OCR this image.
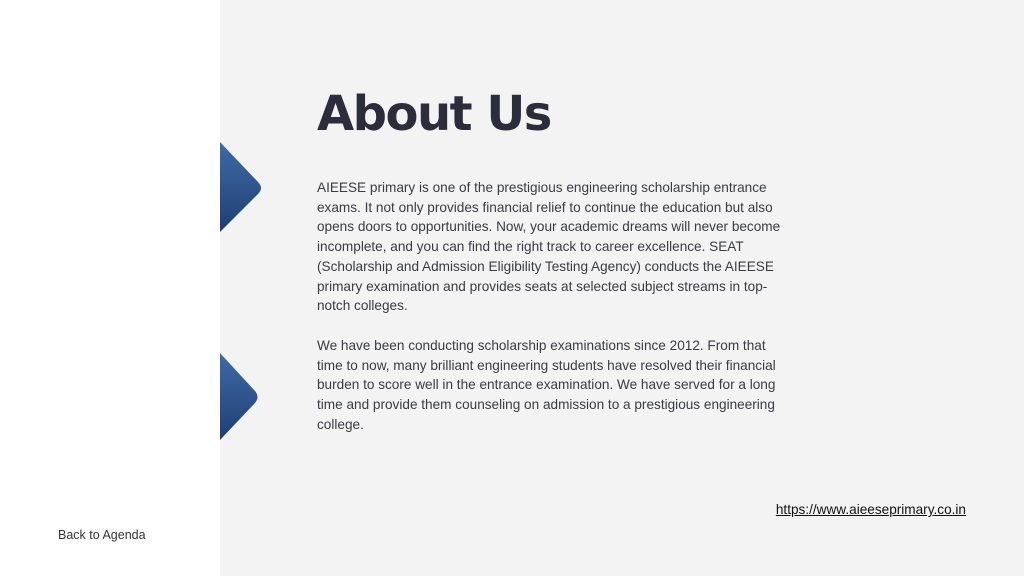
About Us

AIEESE primary is one of the prestigious engineering scholarship entrance
exams. It not only provides financial relief to continue the education but also
opens doors to opportunities. Now, your academic dreams will never become
incomplete, and you can find the right track to career excellence. SEAT
(Scholarship and Admission Eligibility Testing Agency) conducts the AIEESE
primary examination and provides seats at selected subject streams in top-
notch colleges.

We have been conducting scholarship examinations since 2012. From that
time to now, many brilliant engineering students have resolved their financial
burden to score well in the entrance examination. We have served for a long
time and provide them counseling on admission to a prestigious engineering
college.

https://www.aieeseprimary.co.in
Back to Agenda
